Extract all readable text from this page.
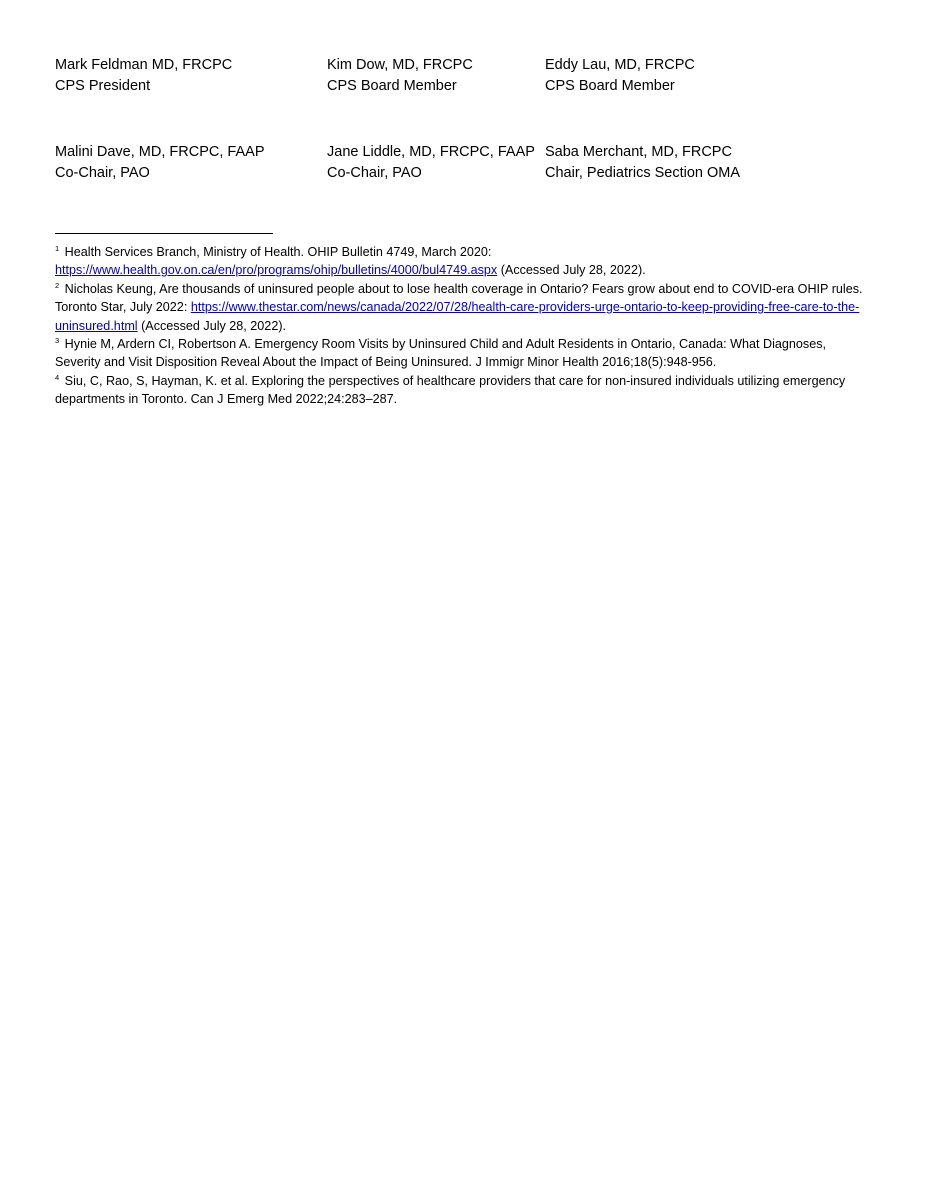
Mark Feldman MD, FRCPC
CPS President
Kim Dow, MD, FRCPC
CPS Board Member
Eddy Lau, MD, FRCPC
CPS Board Member
Malini Dave, MD, FRCPC, FAAP
Co-Chair, PAO
Jane Liddle, MD, FRCPC, FAAP
Co-Chair, PAO
Saba Merchant, MD, FRCPC
Chair, Pediatrics Section OMA

$^1$ Health Services Branch, Ministry of Health. OHIP Bulletin 4749, March 2020:
https://www.health.gov.on.ca/en/pro/programs/ohip/bulletins/4000/bul4749.aspx (Accessed July 28, 2022).

$^2$ Nicholas Keung, Are thousands of uninsured people about to lose health coverage in Ontario? Fears grow about end to COVID-era OHIP rules. Toronto Star, July 2022: https://www.thestar.com/news/canada/2022/07/28/health-care-providers-urge-ontario-to-keep-providing-free-care-to-the-uninsured.html (Accessed July 28, 2022).

$^3$ Hynie M, Ardern CI, Robertson A. Emergency Room Visits by Uninsured Child and Adult Residents in Ontario, Canada: What Diagnoses, Severity and Visit Disposition Reveal About the Impact of Being Uninsured. J Immigr Minor Health 2016;18(5):948-956.

$^4$ Siu, C, Rao, S, Hayman, K. et al. Exploring the perspectives of healthcare providers that care for non-insured individuals utilizing emergency departments in Toronto. Can J Emerg Med 2022;24:283–287.
